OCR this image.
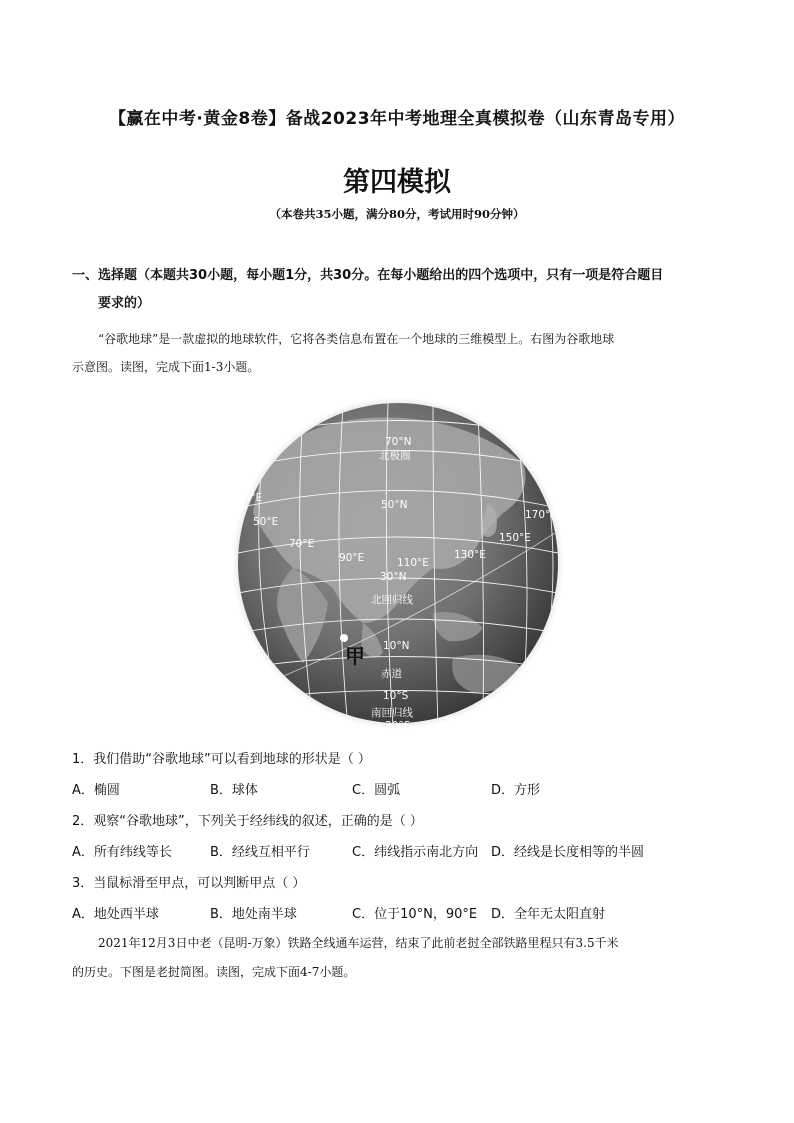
【赢在中考·黄金8卷】备战2023年中考地理全真模拟卷（山东青岛专用）
第四模拟
（本卷共35小题，满分80分，考试用时90分钟）
一、选择题（本题共30小题，每小题1分，共30分。在每小题给出的四个选项中，只有一项是符合题目
要求的）
“谷歌地球”是一款虚拟的地球软件，它将各类信息布置在一个地球的三维模型上。右图为谷歌地球
示意图。读图，完成下面1-3小题。
70°N
北极圈
30°E
50°E
50°N
170°E
150°E
70°E
90°E	110°E
130°E
30°N
北回归线
10°N
甲
赤道
10°S
南回归线
30°S
1．我们借助“谷歌地球”可以看到地球的形状是（ ）
A．椭圆	B．球体	C．圆弧	D．方形
2．观察“谷歌地球”，下列关于经纬线的叙述，正确的是（ ）
A．所有纬线等长	B．经线互相平行	C．纬线指示南北方向 D．经线是长度相等的半圆
3．当鼠标滑至甲点，可以判断甲点（ ）
A．地处西半球	B．地处南半球	C．位于10°N，90°E D．全年无太阳直射
2021年12月3日中老（昆明-万象）铁路全线通车运营，结束了此前老挝全部铁路里程只有3.5千米
的历史。下图是老挝简图。读图，完成下面4-7小题。
